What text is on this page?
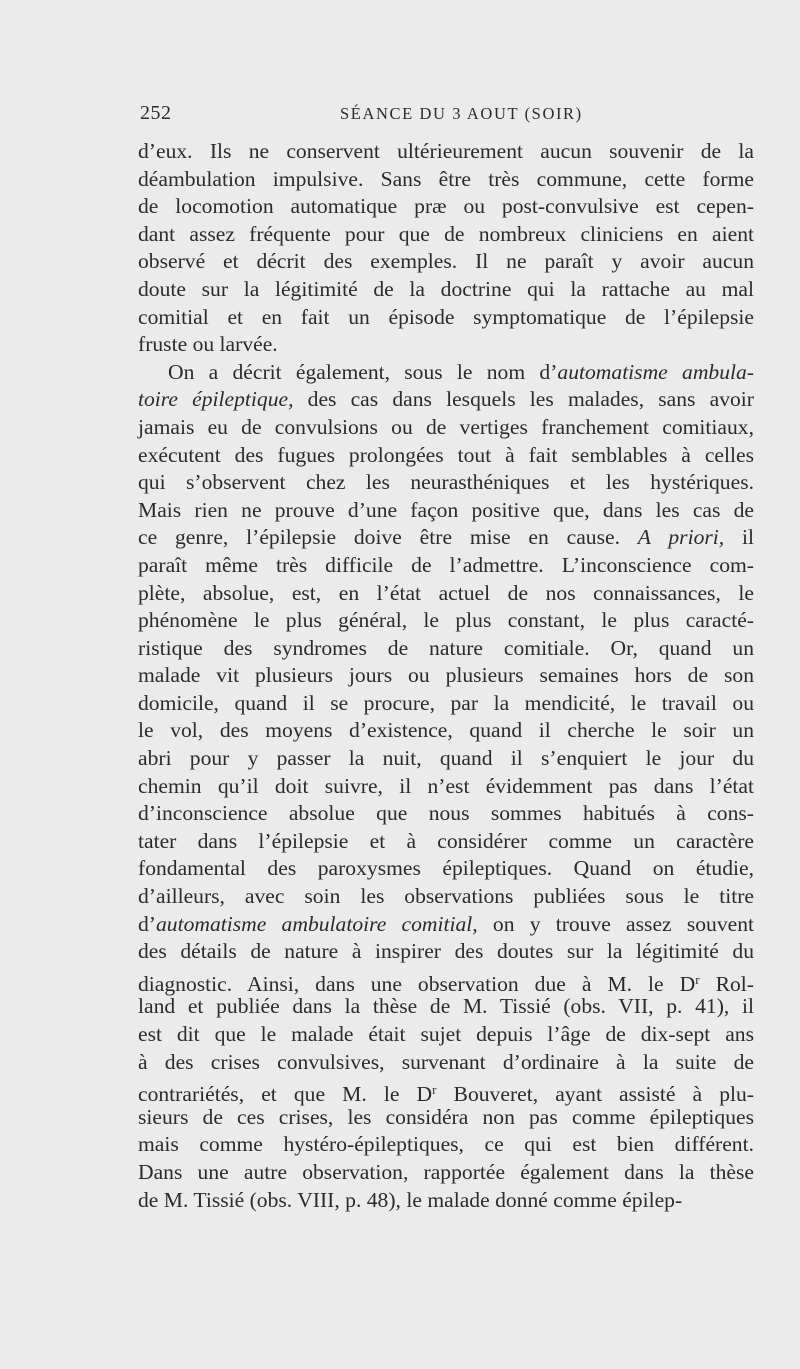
252	SÉANCE DU 3 AOUT (SOIR)
d’eux. Ils ne conservent ultérieurement aucun souvenir de la
déambulation impulsive. Sans être très commune, cette forme
de locomotion automatique præ ou post-convulsive est cepen-
dant assez fréquente pour que de nombreux cliniciens en aient
observé et décrit des exemples. Il ne paraît y avoir aucun
doute sur la légitimité de la doctrine qui la rattache au mal
comitial et en fait un épisode symptomatique de l’épilepsie
fruste ou larvée.
On a décrit également, sous le nom d’automatisme ambula-
toire épileptique, des cas dans lesquels les malades, sans avoir
jamais eu de convulsions ou de vertiges franchement comitiaux,
exécutent des fugues prolongées tout à fait semblables à celles
qui s’observent chez les neurasthéniques et les hystériques.
Mais rien ne prouve d’une façon positive que, dans les cas de
ce genre, l’épilepsie doive être mise en cause. A priori, il
paraît même très difficile de l’admettre. L’inconscience com-
plète, absolue, est, en l’état actuel de nos connaissances, le
phénomène le plus général, le plus constant, le plus caracté-
ristique des syndromes de nature comitiale. Or, quand un
malade vit plusieurs jours ou plusieurs semaines hors de son
domicile, quand il se procure, par la mendicité, le travail ou
le vol, des moyens d’existence, quand il cherche le soir un
abri pour y passer la nuit, quand il s’enquiert le jour du
chemin qu’il doit suivre, il n’est évidemment pas dans l’état
d’inconscience absolue que nous sommes habitués à cons-
tater dans l’épilepsie et à considérer comme un caractère
fondamental des paroxysmes épileptiques. Quand on étudie,
d’ailleurs, avec soin les observations publiées sous le titre
d’automatisme ambulatoire comitial, on y trouve assez souvent
des détails de nature à inspirer des doutes sur la légitimité du
diagnostic. Ainsi, dans une observation due à M. le $D^r$ Rol-
land et publiée dans la thèse de M. Tissié (obs. VII, p. 41), il
est dit que le malade était sujet depuis l’âge de dix-sept ans
à des crises convulsives, survenant d’ordinaire à la suite de
contrariétés, et que M. le $D^r$ Bouveret, ayant assisté à plu-
sieurs de ces crises, les considéra non pas comme épileptiques
mais comme hystéro-épileptiques, ce qui est bien différent.
Dans une autre observation, rapportée également dans la thèse
de M. Tissié (obs. VIII, p. 48), le malade donné comme épilep-
